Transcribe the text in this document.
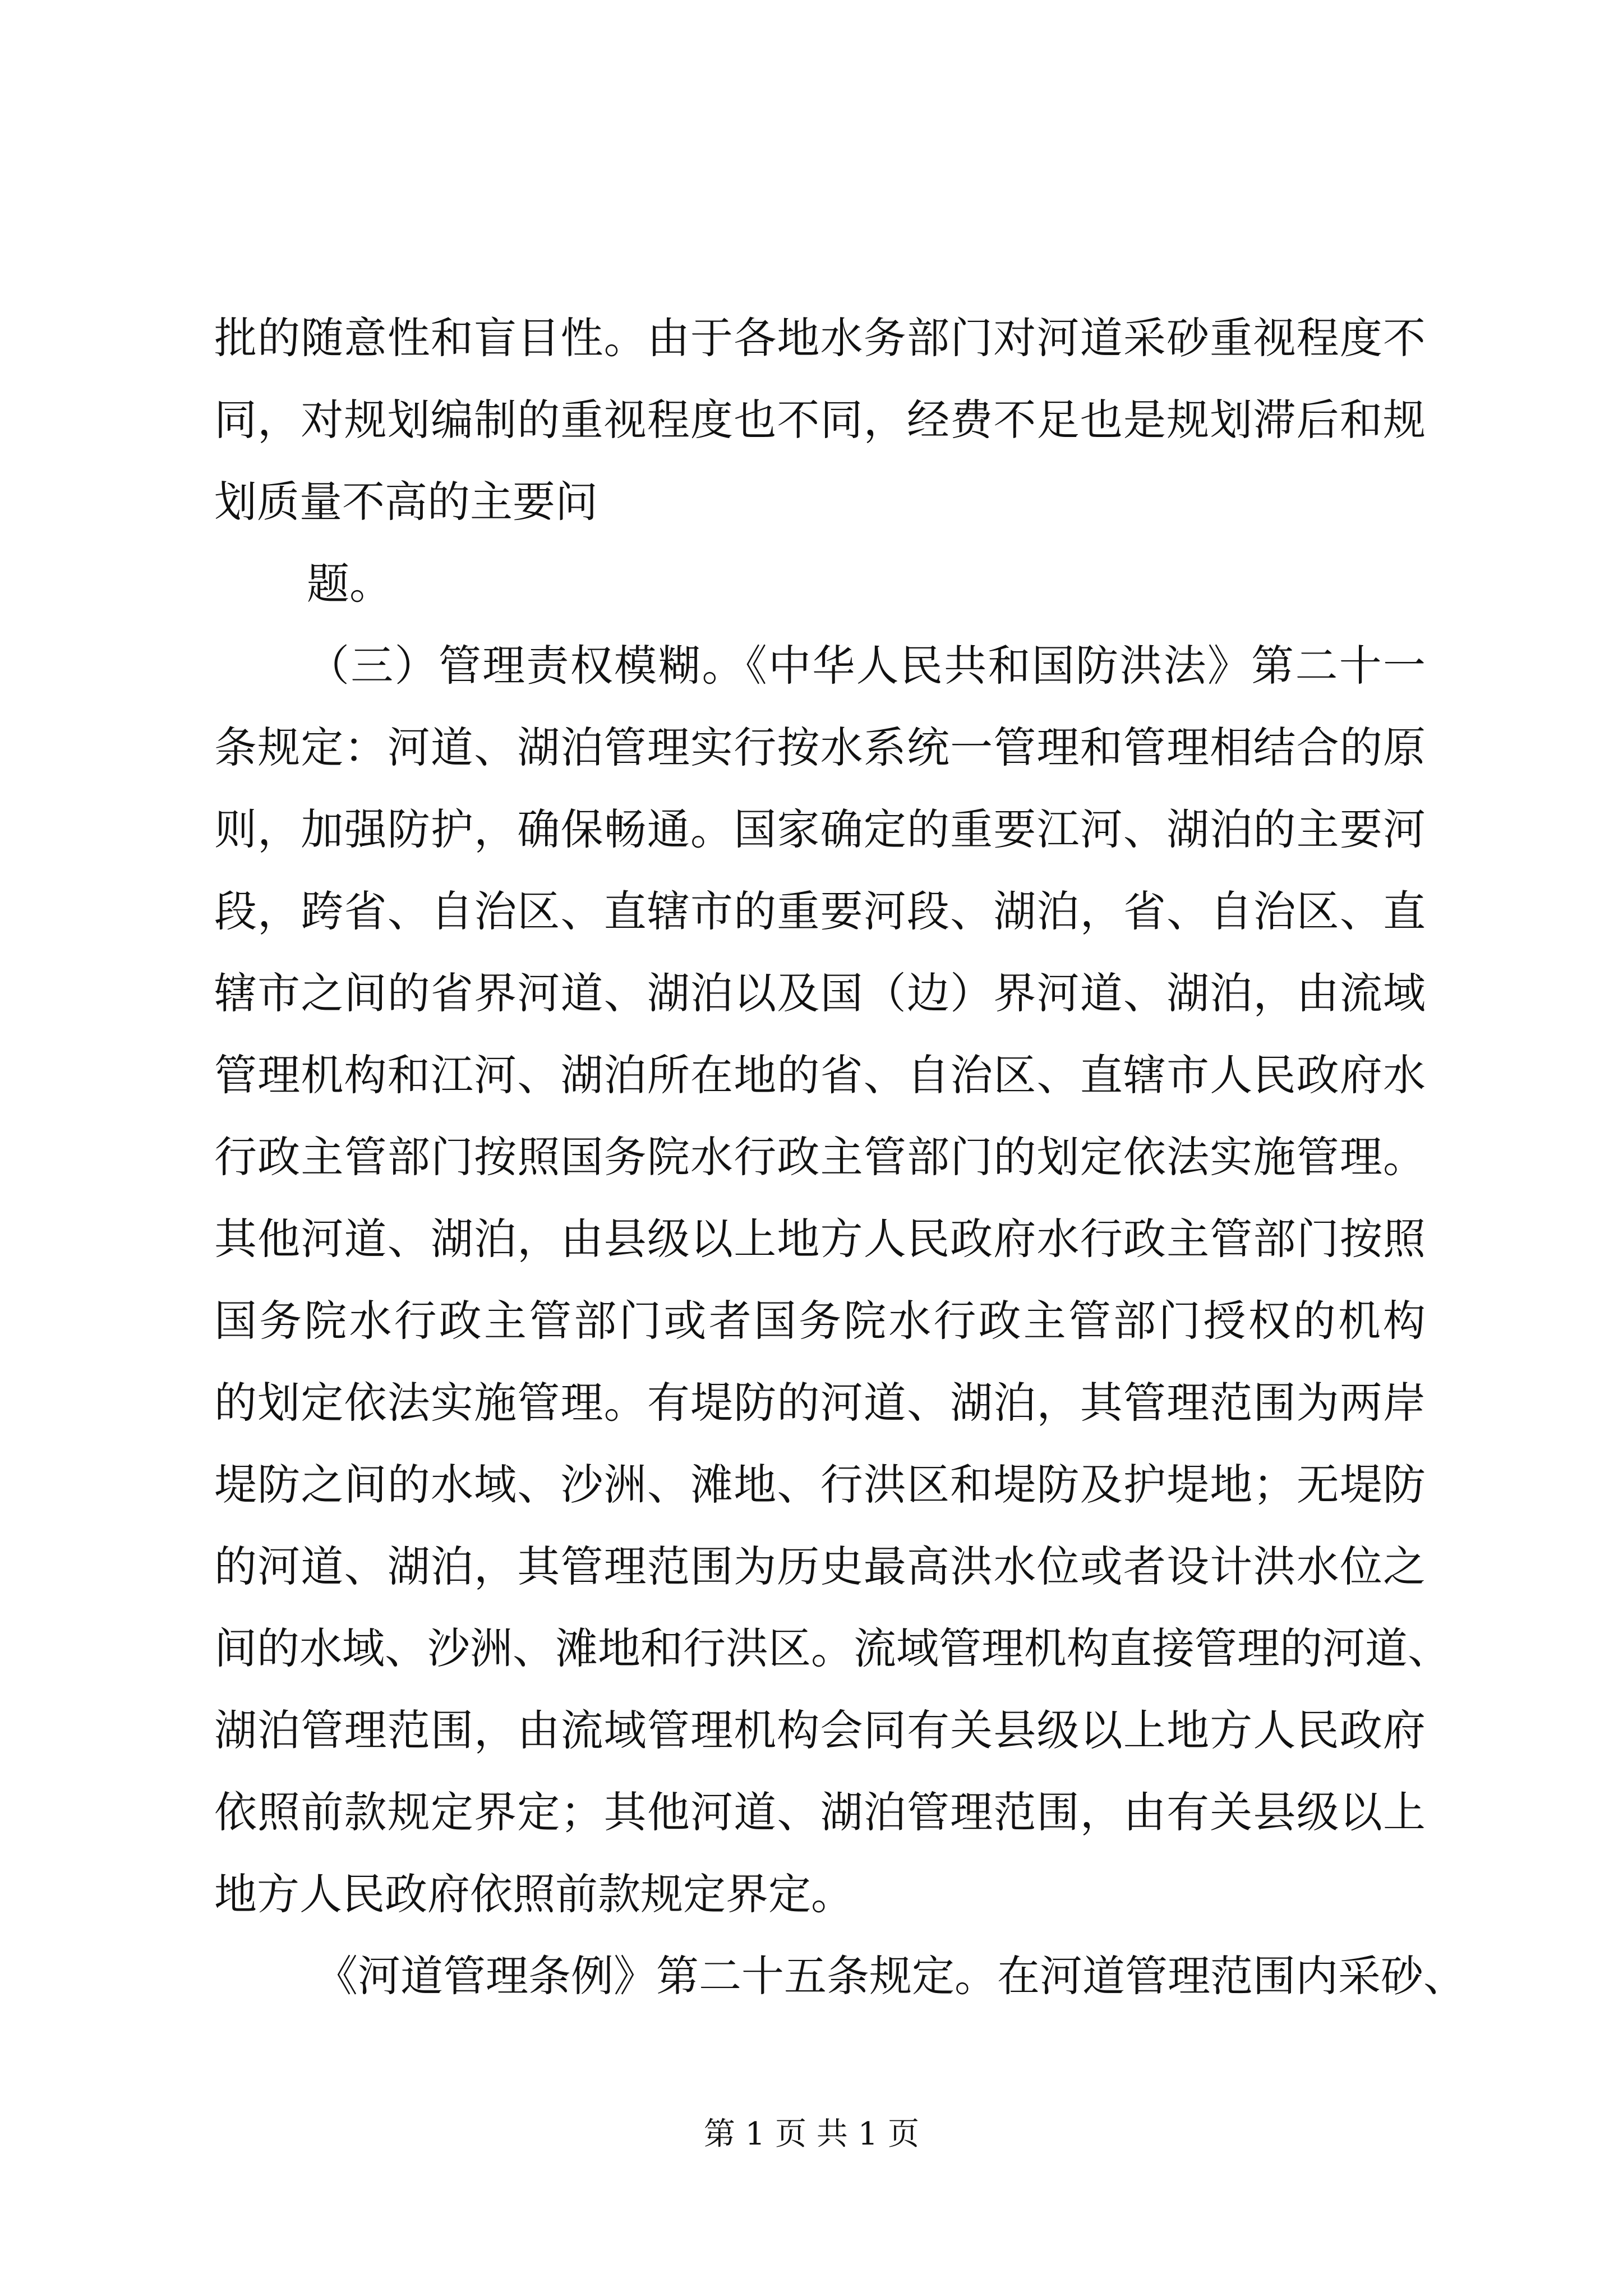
批的随意性和盲目性。由于各地水务部门对河道采砂重视程度不
同，对规划编制的重视程度也不同，经费不足也是规划滞后和规
划质量不高的主要问
题。
（三）管理责权模糊。《中华人民共和国防洪法》第二十一
条规定：河道、湖泊管理实行按水系统一管理和管理相结合的原
则，加强防护，确保畅通。国家确定的重要江河、湖泊的主要河
段，跨省、自治区、直辖市的重要河段、湖泊，省、自治区、直
辖市之间的省界河道、湖泊以及国（边）界河道、湖泊，由流域
管理机构和江河、湖泊所在地的省、自治区、直辖市人民政府水
行政主管部门按照国务院水行政主管部门的划定依法实施管理。
其他河道、湖泊，由县级以上地方人民政府水行政主管部门按照
国务院水行政主管部门或者国务院水行政主管部门授权的机构
的划定依法实施管理。有堤防的河道、湖泊，其管理范围为两岸
堤防之间的水域、沙洲、滩地、行洪区和堤防及护堤地；无堤防
的河道、湖泊，其管理范围为历史最高洪水位或者设计洪水位之
间的水域、沙洲、滩地和行洪区。流域管理机构直接管理的河道、
湖泊管理范围，由流域管理机构会同有关县级以上地方人民政府
依照前款规定界定；其他河道、湖泊管理范围，由有关县级以上
地方人民政府依照前款规定界定。
《河道管理条例》第二十五条规定。在河道管理范围内采砂、
第 1 页 共 1 页
